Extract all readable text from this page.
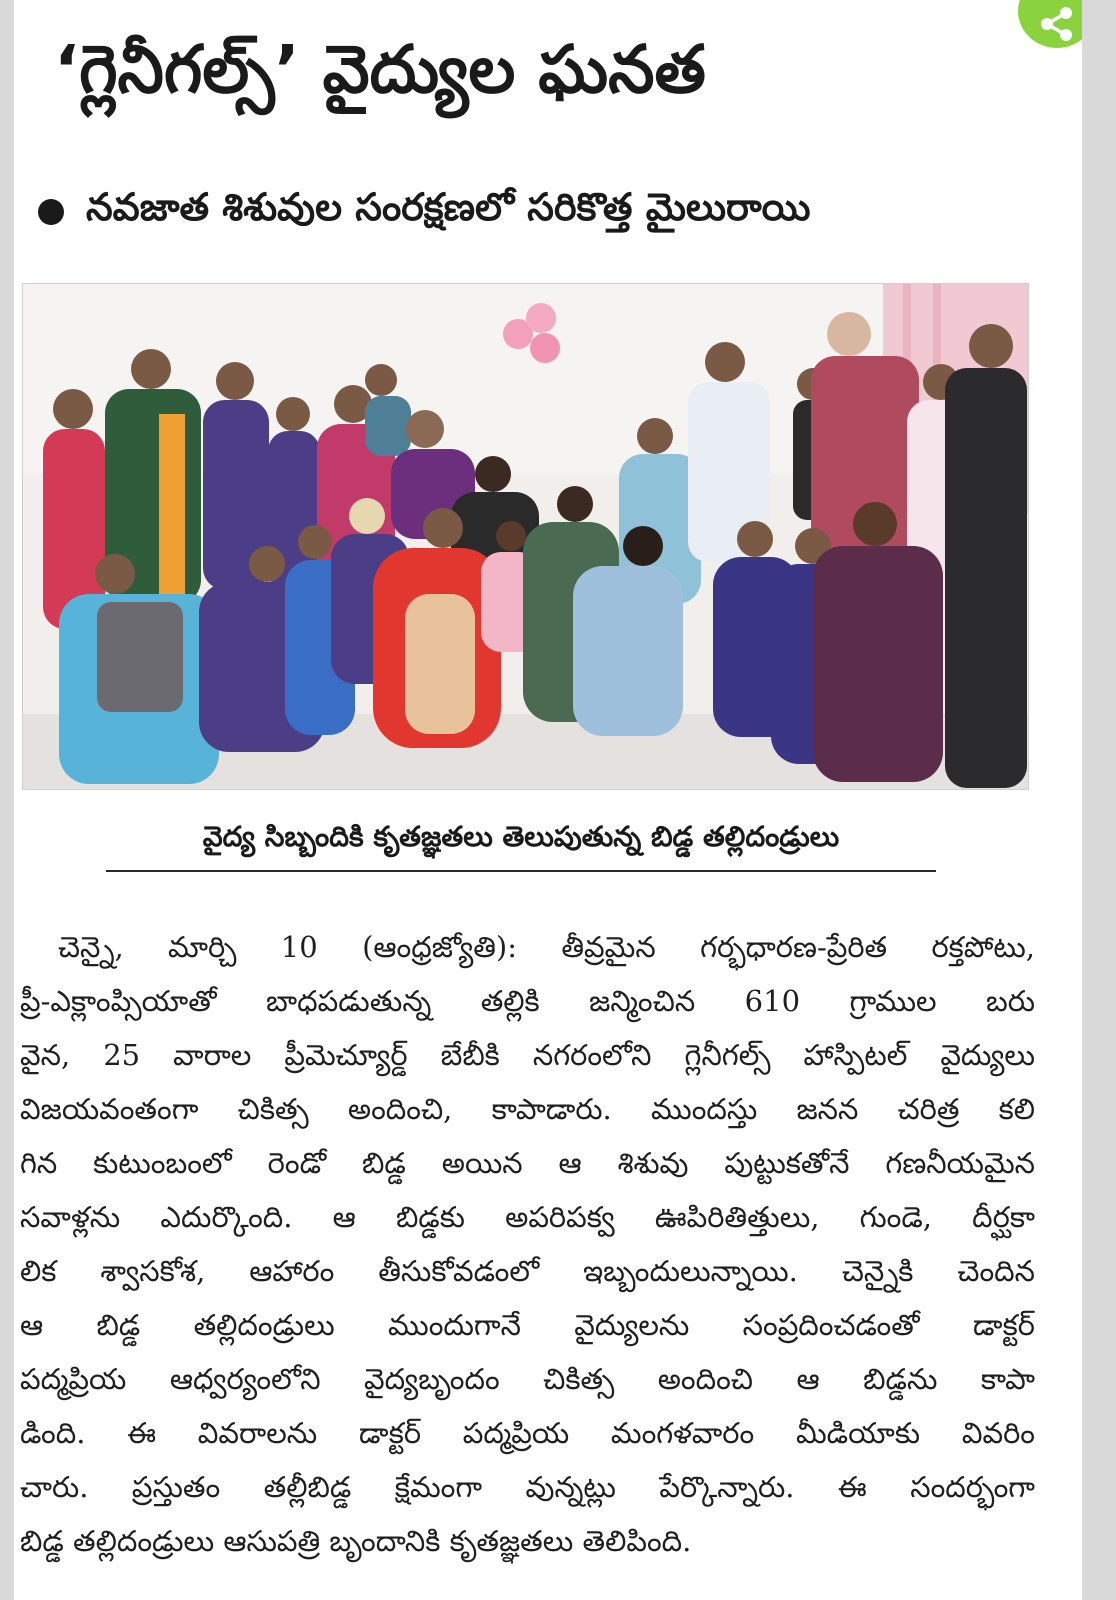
‘గ్లెనీగల్స్’ వైద్యుల ఘనత
నవజాత శిశువుల సంరక్షణలో సరికొత్త మైలురాయి
వైద్య సిబ్బందికి కృతజ్ఞతలు తెలుపుతున్న బిడ్డ తల్లిదండ్రులు
చెన్నై, మార్చి 10 (ఆంధ్రజ్యోతి): తీవ్రమైన గర్భధారణ-ప్రేరిత రక్తపోటు,
ప్రీ-ఎక్లాంప్సియాతో బాధపడుతున్న తల్లికి జన్మించిన 610 గ్రాముల బరు
వైన, 25 వారాల ప్రీమెచ్యూర్డ్ బేబీకి నగరంలోని గ్లెనీగల్స్ హాస్పిటల్ వైద్యులు
విజయవంతంగా చికిత్స అందించి, కాపాడారు. ముందస్తు జనన చరిత్ర కలి
గిన కుటుంబంలో రెండో బిడ్డ అయిన ఆ శిశువు పుట్టుకతోనే గణనీయమైన
సవాళ్లను ఎదుర్కొంది. ఆ బిడ్డకు అపరిపక్వ ఊపిరితిత్తులు, గుండె, దీర్ఘకా
లిక శ్వాసకోశ, ఆహారం తీసుకోవడంలో ఇబ్బందులున్నాయి. చెన్నైకి చెందిన
ఆ బిడ్డ తల్లిదండ్రులు ముందుగానే వైద్యులను సంప్రదించడంతో డాక్టర్
పద్మప్రియ ఆధ్వర్యంలోని వైద్యబృందం చికిత్స అందించి ఆ బిడ్డను కాపా
డింది. ఈ వివరాలను డాక్టర్ పద్మప్రియ మంగళవారం మీడియాకు వివరిం
చారు. ప్రస్తుతం తల్లీబిడ్డ క్షేమంగా వున్నట్లు పేర్కొన్నారు. ఈ సందర్భంగా
బిడ్డ తల్లిదండ్రులు ఆసుపత్రి బృందానికి కృతజ్ఞతలు తెలిపింది.
